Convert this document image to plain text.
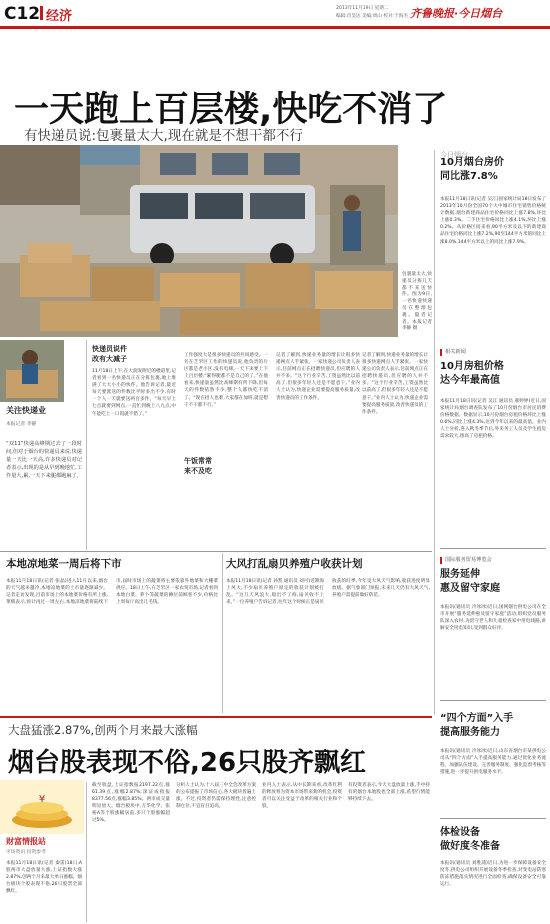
C12 经济
2013年11月19日 星期二
编辑:肖昊达 美编:周山 校对:于海杰 齐鲁晚报·今日烟台
一天跑上百层楼,快吃不消了
有快递员说:包裹量太大,现在就是不想干都不行
包裹量太大,快递员分拣几天都不来送快件。图为9日,一名快递快递员在整理包裹。隐者记者。本报记者 李静 摄
关注快递业
本报记者 李静
“双11”快递高峰期过去了一段时间,但对于烟台的快递员来说,快递量一天比一天高,许多快递员对记者表示,出现的是从早到晚地忙,工作量大,累,一天下来腿都跑麻了。
快递员说件
改有大减子
11月18日上午,在大润发附近的楼道里,记者看到一名快递员正在分拣包裹,地上堆满了大大小小的快件。他告诉记者,最近每天要派送的件数比平时多出不少,有时一个人一天就要送两百多件。“每天早上七点就要到网点,一直忙到晚上八九点,中午能吃上一口饭就不错了。”
工作强度大是很多快递员的共同感受。一名在芝罘区工作的快递员说,他负责的片区都是老小区,没有电梯,一天下来要上下上百层楼,“累得腿都不是自己的了。”在他看来,快递量虽然比高峰期有所下降,但每天的件数依然不少,整个人都快吃不消了。“现在招人也难,大家都在加班,就是想干不干都不行。”
午饭常常
来不及吃
记者了解到,快递业务量的增长让很多快递网点人手紧张。一家快递公司负责人表示,目前网点正在招聘快递员,但应聘的人并不多。“这个行业辛苦,工资虽然比以前高了,但很多年轻人还是不愿意干。”业内人士认为,快递企业需要提高服务质量,改善快递员的工作条件。
记者了解到,快递业务量的增长让很多快递网点人手紧张。一家快递公司负责人表示,目前网点正在招聘快递员,但应聘的人并不多。“这个行业辛苦,工资虽然比以前高了,但很多年轻人还是不愿意干。”业内人士认为,快递企业需要提高服务质量,改善快递员的工作条件。
今日烟台
10月烟台房价
同比涨7.8%
本报11月18日讯(记者 吴江)国家统计局18日发布了2013年10月份全国70个大中城市住宅销售价格统计数据,烟台新建商品住宅价格同比上涨7.8%,环比上涨0.3%。二手住宅价格同比上涨4.1%,环比上涨0.2%。从价格区间来看,90平方米及以下的新建商品住宅价格同比上涨7.2%,90至144平方米的同比上涨8.0%,144平方米以上的同比上涨7.9%。
相关新闻
10月房租价格
达今年最高值
本报11月18日讯(记者 吴江 通讯员 郝婷婷)近日,国家统计局烟台调查队发布了10月份烟台市居民消费价格数据。数据显示,10月份烟台房租价格环比上涨0.6%,同比上涨4.3%,达到今年以来的最高值。业内人士分析,进入秋冬季节后,外来务工人员及学生租房需求较大,推高了房租价格。
国际服务贸易博览会
服务延伸
惠及留守家庭
本报讯(通讯员 冷冰冰)近日,国网烟台供电公司在全市开展“服务延伸惠及留守家庭”活动,组织党员服务队深入农村,为留守老人和儿童检查家中用电线路,讲解安全用电知识,受到群众好评。
“四个方面”入手
提高服务能力
本报讯(通讯员 冷冰冰)近日,山东省烟台市某供电公司从“四个方面”入手提高服务能力,通过优化业务流程、加强队伍建设、完善服务制度、强化监督考核等措施,进一步提升供电服务水平。
体检设备
做好度冬准备
本报讯(通讯员 刘胜浦)近日,为进一步保障设备安全度冬,供电公司组织开展设备冬季检查,对变电站防寒防冻措施落实情况进行全面检查,确保设备安全可靠运行。
本地凉地菜一周后将下市
本报11月18日讯(记者 张晶)进入11月以来,烟台的天气越来越冷,本地凉地菜的上市量逐渐减少。记者走访发现,目前市场上的本地菜价格有所上涨,菜贩表示,预计再过一周左右,本地凉地菜将陆续下市,届时市场上的蔬菜将主要依靠外地菜和大棚菜供应。18日上午,在芝罘区一家农贸市场,记者看到本地白菜、萝卜等蔬菜的摊位前顾客不少,价格比上周每斤高出几毛钱。
大风打乱扇贝养殖户收获计划
本报11月18日讯(记者 孙凯 通讯员 刘可)近期海上风大,不少扇贝养殖户原定的收获计划被打乱。“这几天风浪大,船出不了海,扇贝收不上来。”一位养殖户告诉记者,往年这个时候正是扇贝收获的旺季,今年受大风天气影响,收获进度明显放缓。据气象部门预报,未来几天仍有大风天气,养殖户需提前做好防范。
大盘猛涨2.87%,创两个月来最大涨幅
烟台股表现不俗,26只股齐飘红
¥
财富情报站
市场资讯 投资参考
本报11月18日讯(记者 秦雷)18日,A股两市大盘放量大涨,上证指数大涨2.87%,创两个月来最大单日涨幅。烟台板块个股表现不俗,26只股票全部飘红。
截至收盘,上证指数报2197.22点,涨61.39点,涨幅2.87%;深证成指报8377.56点,涨幅3.85%。两市成交量明显放大。烟台板块中,万华化学、张裕A等个股涨幅居前,多只个股涨幅超过5%。
分析人士认为,十八届三中全会改革方案的公布提振了市场信心,各大板块普遍上涨。不过,投资者仍需保持理性,注意控制仓位,不宜盲目追高。
业内人士表示,从中长期来看,改革红利的释放将为资本市场带来新的机会,投资者可以关注受益于改革的相关行业和个股。
有投资者表示,今天大盘放量上涨,手中持有的烟台本地股也全部上涨,希望行情能够持续下去。
